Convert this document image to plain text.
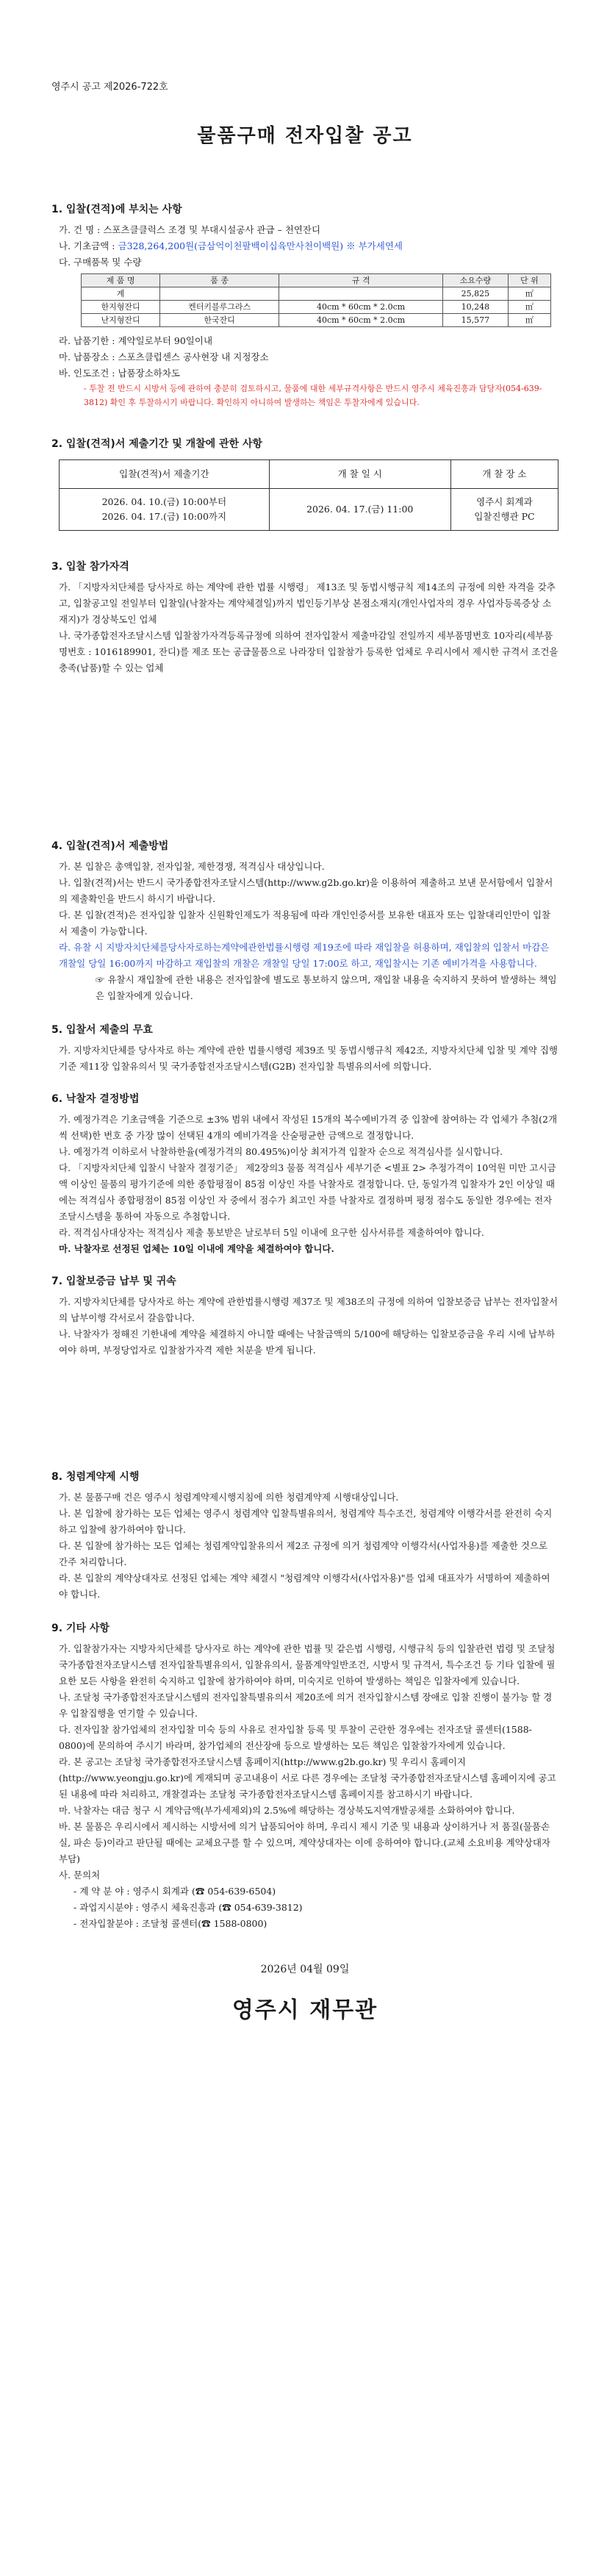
영주시 공고 제2026-722호
물품구매 전자입찰 공고
1. 입찰(견적)에 부치는 사항
가. 건 명 : 스포츠클클럭스 조경 및 부대시설공사 관급 – 천연잔디
나. 기초금액 : 금328,264,200원(금삼억이천팔백이십육만사천이백원) ※ 부가세연세
다. 구매품목 및 수량
제 품 명	품 종	규 격	소요수량	단 위
계			25,825	㎡
한지형잔디	켄터키블루그라스	40cm * 60cm * 2.0cm	10,248	㎡
난지형잔디	한국잔디	40cm * 60cm * 2.0cm	15,577	㎡
라. 납품기한 : 계약일로부터 90일이내
마. 납품장소 : 스포츠클럽센스 공사현장 내 지정장소
바. 인도조건 : 납품장소하차도
- 투찰 전 반드시 시방서 등에 관하여 충분히 검토하시고, 물품에 대한 세부규격사항은 반드시 영주시 체육진흥과 담당자(054-639-3812) 확인 후 투찰하시기 바랍니다. 확인하지 아니하여 발생하는 책임은 투찰자에게 있습니다.
2. 입찰(견적)서 제출기간 및 개찰에 관한 사항
입찰(견적)서 제출기간	개 찰 일 시	개 찰 장 소
2026. 04. 10.(금) 10:00부터
2026. 04. 17.(금) 10:00까지	2026. 04. 17.(금) 11:00	영주시 회계과
입찰진행관 PC
3. 입찰 참가자격
가. 「지방자치단체를 당사자로 하는 계약에 관한 법률 시행령」 제13조 및 동법시행규칙 제14조의 규정에 의한 자격을 갖추고, 입찰공고일 전일부터 입찰일(낙찰자는 계약체결일)까지 법인등기부상 본점소재지(개인사업자의 경우 사업자등록증상 소재지)가 경상북도인 업체
나. 국가종합전자조달시스템 입찰참가자격등록규정에 의하여 전자입찰서 제출마감일 전일까지 세부품명번호 10자리(세부품명번호 : 1016189901, 잔디)를 제조 또는 공급물품으로 나라장터 입찰참가 등록한 업체로 우리시에서 제시한 규격서 조건을 충족(납품)할 수 있는 업체
4. 입찰(견적)서 제출방법
가. 본 입찰은 총액입찰, 전자입찰, 제한경쟁, 적격심사 대상입니다.
나. 입찰(견적)서는 반드시 국가종합전자조달시스템(http://www.g2b.go.kr)을 이용하여 제출하고 보낸 문서함에서 입찰서의 제출확인을 반드시 하시기 바랍니다.
다. 본 입찰(견적)은 전자입찰 입찰자 신원확인제도가 적용됨에 따라 개인인증서를 보유한 대표자 또는 입찰대리인만이 입찰서 제출이 가능합니다.
라. 유찰 시 지방자치단체를당사자로하는계약에관한법률시행령 제19조에 따라 재입찰을 허용하며, 재입찰의 입찰서 마감은 개찰일 당일 16:00까지 마감하고 재입찰의 개찰은 개찰일 당일 17:00로 하고, 재입찰시는 기존 예비가격을 사용합니다.
☞ 유찰시 재입찰에 관한 내용은 전자입찰에 별도로 통보하지 않으며, 재입찰 내용을 숙지하지 못하여 발생하는 책임은 입찰자에게 있습니다.
5. 입찰서 제출의 무효
가. 지방자치단체를 당사자로 하는 계약에 관한 법률시행령 제39조 및 동법시행규칙 제42조, 지방자치단체 입찰 및 계약 집행기준 제11장 입찰유의서 및 국가종합전자조달시스템(G2B) 전자입찰 특별유의서에 의합니다.
6. 낙찰자 결정방법
가. 예정가격은 기초금액을 기준으로 ±3% 범위 내에서 작성된 15개의 복수예비가격 중 입찰에 참여하는 각 업체가 추첨(2개씩 선택)한 번호 중 가장 많이 선택된 4개의 예비가격을 산술평균한 금액으로 결정합니다.
나. 예정가격 이하로서 낙찰하한율(예정가격의 80.495%)이상 최저가격 입찰자 순으로 적격심사를 실시합니다.
다. 「지방자치단체 입찰시 낙찰자 결정기준」 제2장의3 물품 적격심사 세부기준 <별표 2> 추정가격이 10억원 미만 고시금액 이상인 물품의 평가기준에 의한 종합평점이 85점 이상인 자를 낙찰자로 결정합니다. 단, 동일가격 입찰자가 2인 이상일 때에는 적격심사 종합평점이 85점 이상인 자 중에서 점수가 최고인 자를 낙찰자로 결정하며 평정 점수도 동일한 경우에는 전자조달시스템을 통하여 자동으로 추첨합니다.
라. 적격심사대상자는 적격심사 제출 통보받은 날로부터 5일 이내에 요구한 심사서류를 제출하여야 합니다.
마. 낙찰자로 선정된 업체는 10일 이내에 계약을 체결하여야 합니다.
7. 입찰보증금 납부 및 귀속
가. 지방자치단체를 당사자로 하는 계약에 관한법률시행령 제37조 및 제38조의 규정에 의하여 입찰보증금 납부는 전자입찰서의 납부이행 각서로서 갈음합니다.
나. 낙찰자가 정해진 기한내에 계약을 체결하지 아니할 때에는 낙찰금액의 5/100에 해당하는 입찰보증금을 우리 시에 납부하여야 하며, 부정당업자로 입찰참가자격 제한 처분을 받게 됩니다.
8. 청렴계약제 시행
가. 본 물품구매 건은 영주시 청렴계약제시행지침에 의한 청렴계약제 시행대상입니다.
나. 본 입찰에 참가하는 모든 업체는 영주시 청렴계약 입찰특별유의서, 청렴계약 특수조건, 청렴계약 이행각서를 완전히 숙지하고 입찰에 참가하여야 합니다.
다. 본 입찰에 참가하는 모든 업체는 청렴계약입찰유의서 제2조 규정에 의거 청렴계약 이행각서(사업자용)를 제출한 것으로 간주 처리합니다.
라. 본 입찰의 계약상대자로 선정된 업체는 계약 체결시 "청렴계약 이행각서(사업자용)"를 업체 대표자가 서명하여 제출하여야 합니다.
9. 기타 사항
가. 입찰참가자는 지방자치단체를 당사자로 하는 계약에 관한 법률 및 같은법 시행령, 시행규칙 등의 입찰관련 법령 및 조달청국가종합전자조달시스템 전자입찰특별유의서, 입찰유의서, 물품계약일반조건, 시방서 및 규격서, 특수조건 등 기타 입찰에 필요한 모든 사항을 완전히 숙지하고 입찰에 참가하여야 하며, 미숙지로 인하여 발생하는 책임은 입찰자에게 있습니다.
나. 조달청 국가종합전자조달시스템의 전자입찰특별유의서 제20조에 의거 전자입찰시스템 장애로 입찰 진행이 불가능 할 경우 입찰집행을 연기할 수 있습니다.
다. 전자입찰 참가업체의 전자입찰 미숙 등의 사유로 전자입찰 등록 및 투찰이 곤란한 경우에는 전자조달 콜센터(1588-0800)에 문의하여 주시기 바라며, 참가업체의 전산장애 등으로 발생하는 모든 책임은 입찰참가자에게 있습니다.
라. 본 공고는 조달청 국가종합전자조달시스템 홈페이지(http://www.g2b.go.kr) 및 우리시 홈페이지 (http://www.yeongju.go.kr)에 게재되며 공고내용이 서로 다른 경우에는 조달청 국가종합전자조달시스템 홈페이지에 공고된 내용에 따라 처리하고, 개찰결과는 조달청 국가종합전자조달시스템 홈페이지를 참고하시기 바랍니다.
마. 낙찰자는 대금 청구 시 계약금액(부가세제외)의 2.5%에 해당하는 경상북도지역개발공채를 소화하여야 합니다.
바. 본 물품은 우리시에서 제시하는 시방서에 의거 납품되어야 하며, 우리시 제시 기준 및 내용과 상이하거나 저 품질(물품손실, 파손 등)이라고 판단될 때에는 교체요구를 할 수 있으며, 계약상대자는 이에 응하여야 합니다.(교체 소요비용 계약상대자 부담)
사. 문의처
- 계 약 분 야 : 영주시 회계과 (☎ 054-639-6504)
- 과업지시분야 : 영주시 체육진흥과 (☎ 054-639-3812)
- 전자입찰분야 : 조달청 콜센터(☎ 1588-0800)
2026년 04월 09일
영주시 재무관
